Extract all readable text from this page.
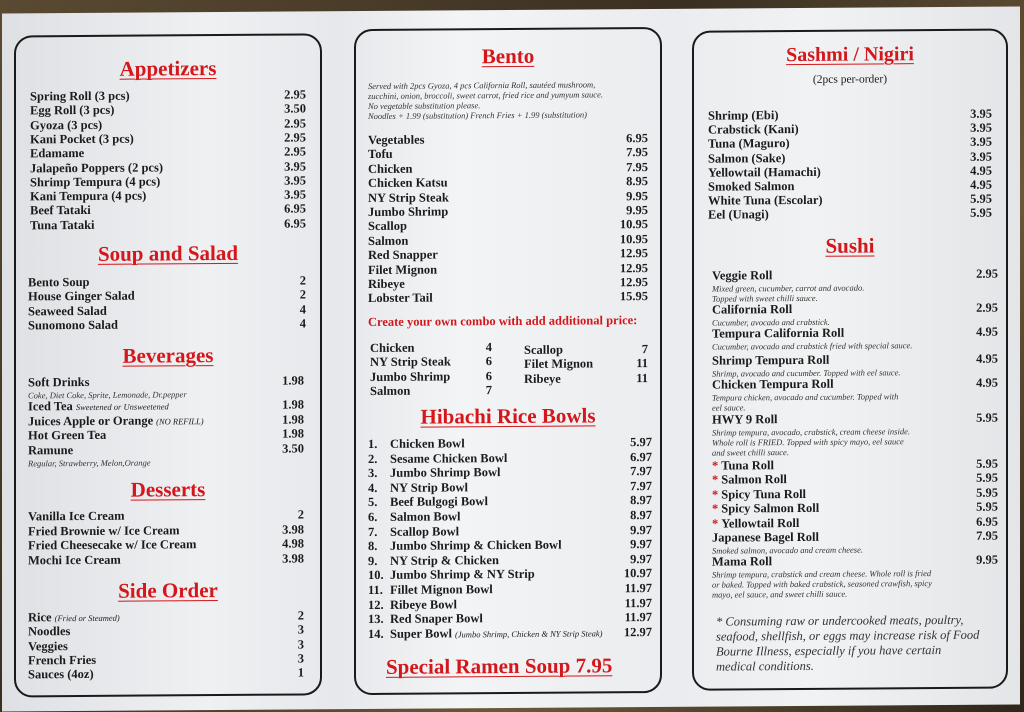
Appetizers
Spring Roll (3 pcs)	2.95
Egg Roll (3 pcs)	3.50
Gyoza (3 pcs)	2.95
Kani Pocket (3 pcs)	2.95
Edamame	2.95
Jalapeño Poppers (2 pcs)	3.95
Shrimp Tempura (4 pcs)	3.95
Kani Tempura (4 pcs)	3.95
Beef Tataki	6.95
Tuna Tataki	6.95
Soup and Salad
Bento Soup	2
House Ginger Salad	2
Seaweed Salad	4
Sunomono Salad	4
Beverages
Soft Drinks	1.98
Coke, Diet Coke, Sprite, Lemonade, Dr.pepper
Iced Tea Sweetened or Unsweetened	1.98
Juices Apple or Orange (NO REFILL)	1.98
Hot Green Tea	1.98
Ramune	3.50
Regular, Strawberry, Melon,Orange
Desserts
Vanilla Ice Cream	2
Fried Brownie w/ Ice Cream	3.98
Fried Cheesecake w/ Ice Cream	4.98
Mochi Ice Cream	3.98
Side Order
Rice (Fried or Steamed)	2
Noodles	3
Veggies	3
French Fries	3
Sauces (4oz)	1
Bento
Served with 2pcs Gyoza, 4 pcs California Roll, sautéed mushroom,
zucchini, onion, broccoli, sweet carrot, fried rice and yumyum sauce.
No vegetable substitution please.
Noodles + 1.99 (substitution) French Fries + 1.99 (substitution)
Vegetables	6.95
Tofu	7.95
Chicken	7.95
Chicken Katsu	8.95
NY Strip Steak	9.95
Jumbo Shrimp	9.95
Scallop	10.95
Salmon	10.95
Red Snapper	12.95
Filet Mignon	12.95
Ribeye	12.95
Lobster Tail	15.95
Create your own combo with add additional price:
Chicken	4
NY Strip Steak	6
Jumbo Shrimp	6
Salmon	7
Scallop	7
Filet Mignon	11
Ribeye	11
Hibachi Rice Bowls
1. Chicken Bowl	5.97
2. Sesame Chicken Bowl	6.97
3. Jumbo Shrimp Bowl	7.97
4. NY Strip Bowl	7.97
5. Beef Bulgogi Bowl	8.97
6. Salmon Bowl	8.97
7. Scallop Bowl	9.97
8. Jumbo Shrimp & Chicken Bowl	9.97
9. NY Strip & Chicken	9.97
10. Jumbo Shrimp & NY Strip	10.97
11. Fillet Mignon Bowl	11.97
12. Ribeye Bowl	11.97
13. Red Snaper Bowl	11.97
14. Super Bowl (Jumbo Shrimp, Chicken & NY Strip Steak)	12.97
Special Ramen Soup 7.95
Sashmi / Nigiri
(2pcs per-order)
Shrimp (Ebi)	3.95
Crabstick (Kani)	3.95
Tuna (Maguro)	3.95
Salmon (Sake)	3.95
Yellowtail (Hamachi)	4.95
Smoked Salmon	4.95
White Tuna (Escolar)	5.95
Eel (Unagi)	5.95
Sushi
Veggie Roll	2.95
Mixed green, cucumber, carrot and avocado.
Topped with sweet chilli sauce.
California Roll	2.95
Cucumber, avocado and crabstick.
Tempura California Roll	4.95
Cucumber, avocado and crabstick fried with special sauce.
Shrimp Tempura Roll	4.95
Shrimp, avocado and cucumber. Topped with eel sauce.
Chicken Tempura Roll	4.95
Tempura chicken, avocado and cucumber. Topped with
eel sauce.
HWY 9 Roll	5.95
Shrimp tempura, avocado, crabstick, cream cheese inside.
Whole roll is FRIED. Topped with spicy mayo, eel sauce
and sweet chilli sauce.
* Tuna Roll	5.95
* Salmon Roll	5.95
* Spicy Tuna Roll	5.95
* Spicy Salmon Roll	5.95
* Yellowtail Roll	6.95
Japanese Bagel Roll	7.95
Smoked salmon, avocado and cream cheese.
Mama Roll	9.95
Shrimp tempura, crabstick and cream cheese. Whole roll is fried
or baked. Topped with baked crabstick, seasoned crawfish, spicy
mayo, eel sauce, and sweet chilli sauce.
* Consuming raw or undercooked meats, poultry,
seafood, shellfish, or eggs may increase risk of Food
Bourne Illness, especially if you have certain
medical conditions.
